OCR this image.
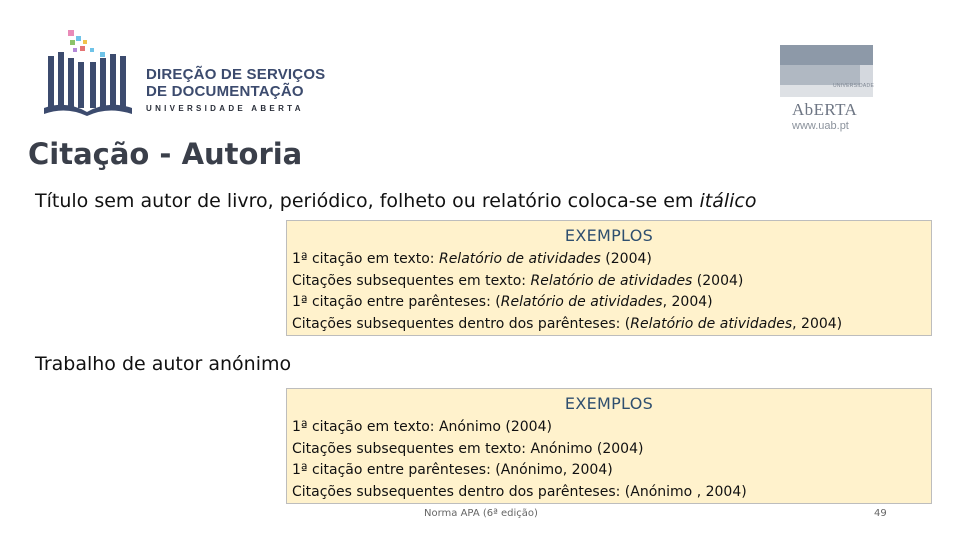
DIREÇÃO DE SERVIÇOS
DE DOCUMENTAÇÃO
UNIVERSIDADE ABERTA
UNIVERSIDADE
AbERTA
www.uab.pt
Citação - Autoria
Título sem autor de livro, periódico, folheto ou relatório coloca-se em itálico
EXEMPLOS
1ª citação em texto: Relatório de atividades (2004)
Citações subsequentes em texto: Relatório de atividades (2004)
1ª citação entre parênteses: (Relatório de atividades, 2004)
Citações subsequentes dentro dos parênteses: (Relatório de atividades, 2004)
Trabalho de autor anónimo
EXEMPLOS
1ª citação em texto: Anónimo (2004)
Citações subsequentes em texto: Anónimo (2004)
1ª citação entre parênteses: (Anónimo, 2004)
Citações subsequentes dentro dos parênteses: (Anónimo , 2004)
Norma APA (6ª edição)	49
